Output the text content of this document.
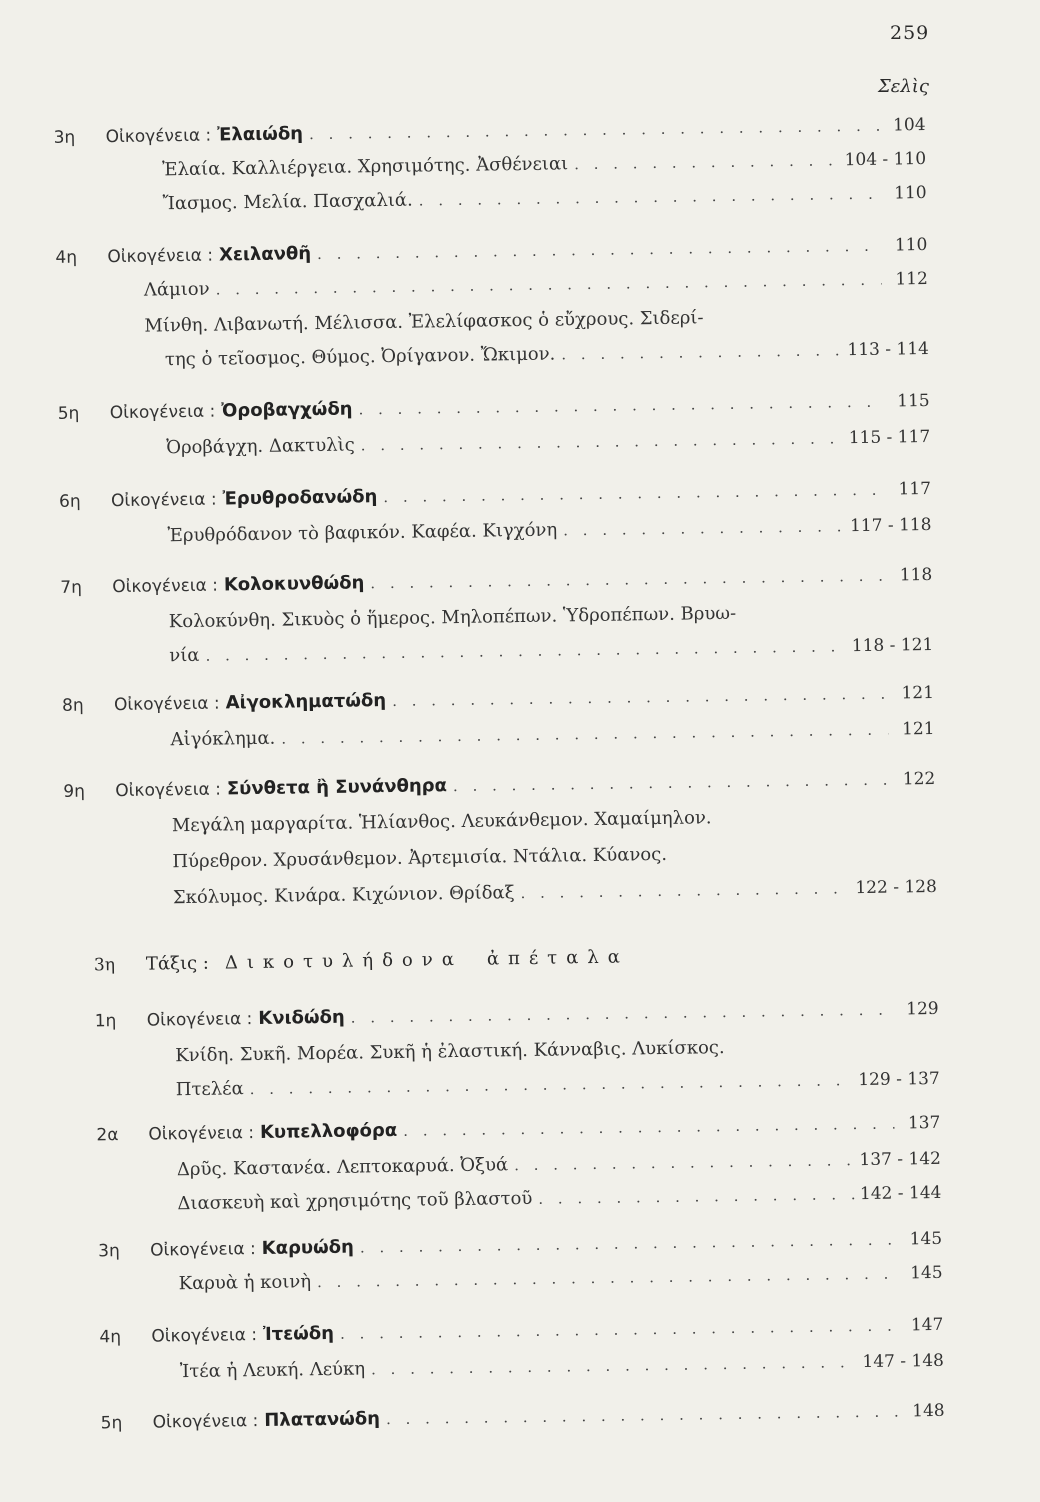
259
Σελὶς
3η	Οἰκογένεια : Ἐλαιώδη . . .	104
Ἐλαία. Καλλιέργεια. Χρησιμότης. Ἀσθένειαι . . .	104 - 110
Ἴασμος. Μελία. Πασχαλιά. . . .	110
4η	Οἰκογένεια : Χειλανθῆ . . .	110
Λάμιον . . .	112
Μίνθη. Λιβανωτή. Μέλισσα. Ἐλελίφασκος ὁ εὔχρους. Σιδερί-
της ὁ τεῖοσμος. Θύμος. Ὀρίγανον. Ὤκιμον. . . .	113 - 114
5η	Οἰκογένεια : Ὀροβαγχώδη . . .	115
Ὀροβάγχη. Δακτυλὶς . . .	115 - 117
6η	Οἰκογένεια : Ἐρυθροδανώδη . . .	117
Ἐρυθρόδανον τὸ βαφικόν. Καφέα. Κιγχόνη . . .	117 - 118
7η	Οἰκογένεια : Κολοκυνθώδη . . .	118
Κολοκύνθη. Σικυὸς ὁ ἥμερος. Μηλοπέπων. Ὑδροπέπων. Βρυω-
νία . . .	118 - 121
8η	Οἰκογένεια : Αἰγοκληματώδη . . .	121
Αἰγόκλημα. . . .	121
9η	Οἰκογένεια : Σύνθετα ἢ Συνάνθηρα . . .	122
Μεγάλη μαργαρίτα. Ἡλίανθος. Λευκάνθεμον. Χαμαίμηλον.
Πύρεθρον. Χρυσάνθεμον. Ἀρτεμισία. Ντάλια. Κύανος.
Σκόλυμος. Κινάρα. Κιχώνιον. Θρίδαξ . . .	122 - 128
3η	Τάξις : Δικοτυλήδονα ἀπέταλα
1η	Οἰκογένεια : Κνιδώδη . . .	129
Κνίδη. Συκῆ. Μορέα. Συκῆ ἡ ἐλαστική. Κάνναβις. Λυκίσκος.
Πτελέα . . .	129 - 137
2α	Οἰκογένεια : Κυπελλοφόρα . . .	137
Δρῦς. Καστανέα. Λεπτοκαρυά. Ὀξυά . . .	137 - 142
Διασκευὴ καὶ χρησιμότης τοῦ βλαστοῦ . . .	142 - 144
3η	Οἰκογένεια : Καρυώδη . . .	145
Καρυὰ ἡ κοινὴ . . .	145
4η	Οἰκογένεια : Ἰτεώδη . . .	147
Ἰτέα ἡ Λευκή. Λεύκη . . .	147 - 148
5η	Οἰκογένεια : Πλατανώδη . . .	148
